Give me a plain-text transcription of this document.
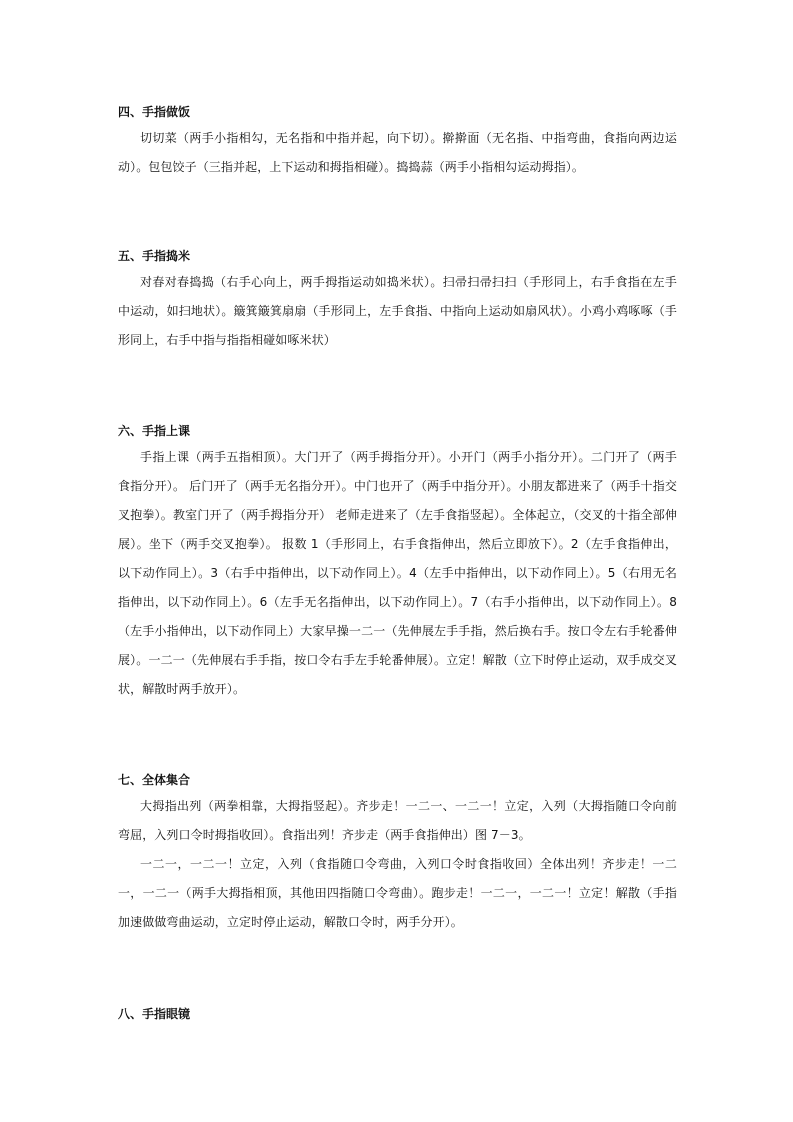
四、手指做饭

切切菜（两手小指相勾，无名指和中指并起，向下切）。擀擀面（无名指、中指弯曲，食指向两边运动）。包包饺子（三指并起，上下运动和拇指相碰）。捣捣蒜（两手小指相勾运动拇指）。

五、手指捣米

对春对春捣捣（右手心向上，两手拇指运动如捣米状）。扫帚扫帚扫扫（手形同上，右手食指在左手中运动，如扫地状）。簸箕簸箕扇扇（手形同上，左手食指、中指向上运动如扇风状）。小鸡小鸡啄啄（手形同上，右手中指与指指相碰如啄米状）

六、手指上课

手指上课（两手五指相顶）。大门开了（两手拇指分开）。小开门（两手小指分开）。二门开了（两手食指分开）。 后门开了（两手无名指分开）。中门也开了（两手中指分开）。小朋友都进来了（两手十指交叉抱拳）。教室门开了（两手拇指分开） 老师走进来了（左手食指竖起）。全体起立，（交叉的十指全部伸展）。坐下（两手交叉抱拳）。 报数 1（手形同上，右手食指伸出，然后立即放下）。2（左手食指伸出，以下动作同上）。3（右手中指伸出，以下动作同上）。4（左手中指伸出，以下动作同上）。5（右用无名指伸出，以下动作同上）。6（左手无名指伸出，以下动作同上）。7（右手小指伸出，以下动作同上）。8（左手小指伸出，以下动作同上）大家早操一二一（先伸展左手手指，然后换右手。按口令左右手轮番伸展）。一二一（先伸展右手手指，按口令右手左手轮番伸展）。立定！解散（立下时停止运动，双手成交叉状，解散时两手放开）。

七、全体集合

大拇指出列（两拳相靠，大拇指竖起）。齐步走！一二一、一二一！立定，入列（大拇指随口令向前弯屈，入列口令时拇指收回）。食指出列！齐步走（两手食指伸出）图 7－3。

一二一，一二一！立定，入列（食指随口令弯曲，入列口令时食指收回）全体出列！齐步走！一二一，一二一（两手大拇指相顶，其他田四指随口令弯曲）。跑步走！一二一，一二一！立定！解散（手指加速做做弯曲运动，立定时停止运动，解散口令时，两手分开）。

八、手指眼镜
